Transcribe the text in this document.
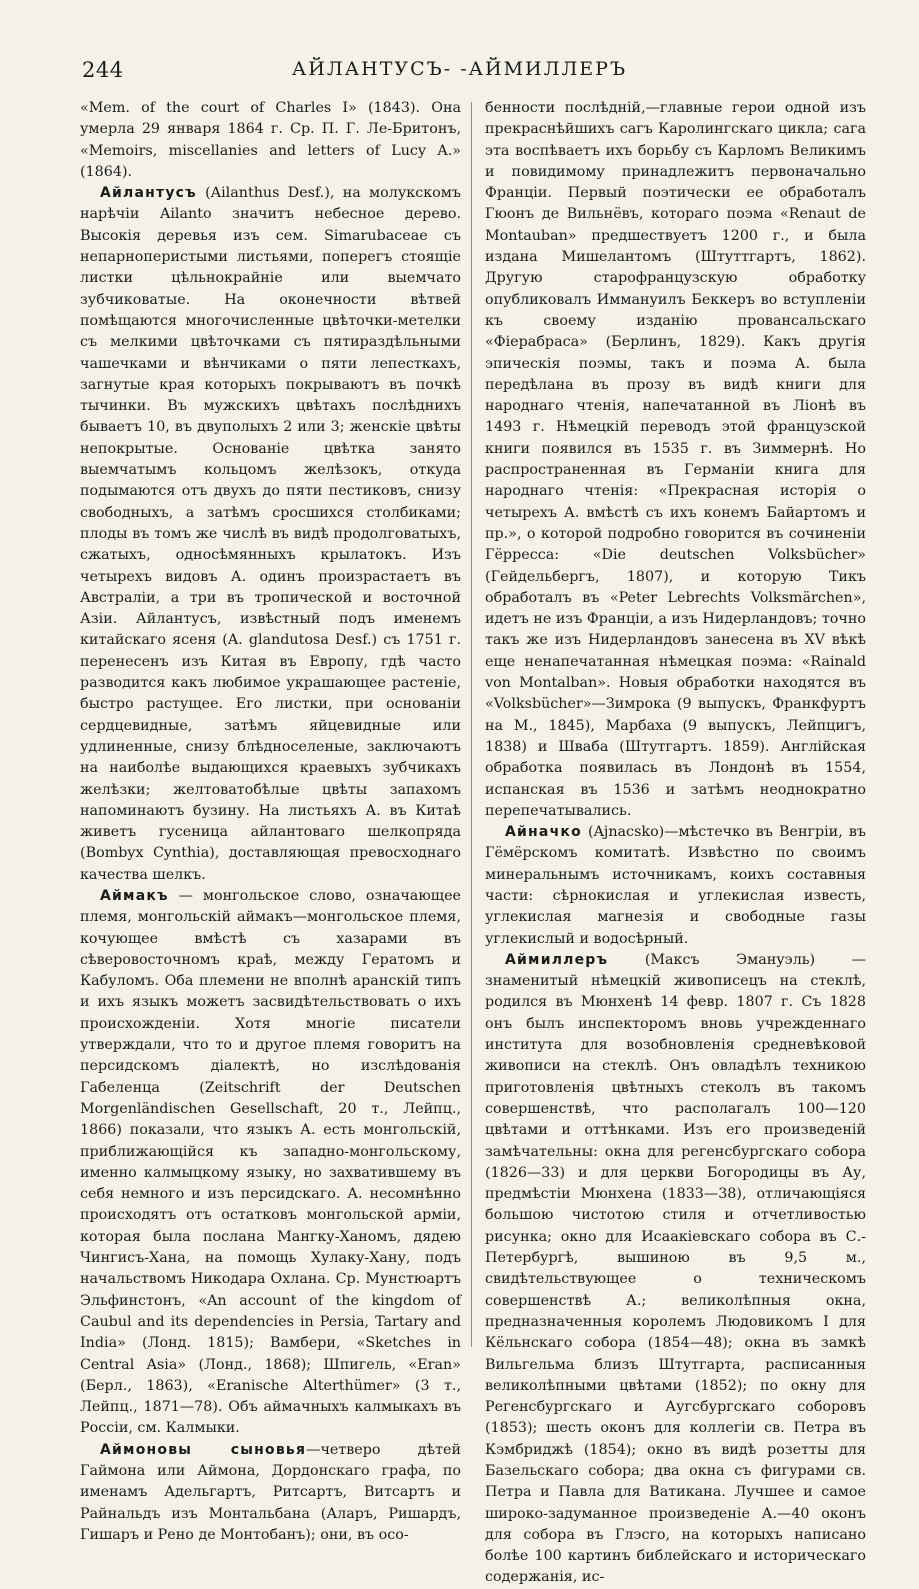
244	АЙЛАНТУСЪ- -АЙМИЛЛЕРЪ

«Mem. of the court of Charles I» (1843). Она умерла 29 января 1864 г. Ср. П. Г. Ле-Бритонъ, «Memoirs, miscellanies and letters of Lucy A.» (1864).

Айлантусъ (Ailanthus Desf.), на молукскомъ нарѣчіи Ailanto значитъ небесное дерево. Высокія деревья изъ сем. Simarubaceae съ непарноперистыми листьями, поперегъ стоящіе листки цѣльнокрайніе или выемчато зубчиковатые. На оконечности вѣтвей помѣщаются многочисленные цвѣточки-метелки съ мелкими цвѣточками съ пятираздѣльными чашечками и вѣнчиками о пяти лепесткахъ, загнутые края которыхъ покрываютъ въ почкѣ тычинки. Въ мужскихъ цвѣтахъ послѣднихъ бываетъ 10, въ двуполыхъ 2 или 3; женскіе цвѣты непокрытые. Основаніе цвѣтка занято выемчатымъ кольцомъ желѣзокъ, откуда подымаются отъ двухъ до пяти пестиковъ, снизу свободныхъ, а затѣмъ сросшихся столбиками; плоды въ томъ же числѣ въ видѣ продолговатыхъ, сжатыхъ, односѣмянныхъ крылатокъ. Изъ четырехъ видовъ А. одинъ произрастаетъ въ Австраліи, а три въ тропической и восточной Азіи. Айлантусъ, извѣстный подъ именемъ китайскаго ясеня (A. glandutosa Desf.) съ 1751 г. перенесенъ изъ Китая въ Европу, гдѣ часто разводится какъ любимое украшающее растеніе, быстро растущее. Его листки, при основаніи сердцевидные, затѣмъ яйцевидные или удлиненные, снизу блѣдноселеные, заключаютъ на наиболѣе выдающихся краевыхъ зубчикахъ желѣзки; желтоватобѣлые цвѣты запахомъ напоминаютъ бузину. На листьяхъ А. въ Китаѣ живетъ гусеница айлантоваго шелкопряда (Bombyx Cynthia), доставляющая превосходнаго качества шелкъ.

Аймакъ — монгольское слово, означающее племя, монгольскій аймакъ—монгольское племя, кочующее вмѣстѣ съ хазарами въ сѣверовосточномъ краѣ, между Гератомъ и Кабуломъ. Оба племени не вполнѣ аранскій типъ и ихъ языкъ можетъ засвидѣтельствовать о ихъ происхожденіи. Хотя многіе писатели утверждали, что то и другое племя говоритъ на персидскомъ діалектѣ, но изслѣдованія Габеленца (Zeitschrift der Deutschen Morgenländischen Gesellschaft, 20 т., Лейпц., 1866) показали, что языкъ А. есть монгольскій, приближающійся къ западно-монгольскому, именно калмыцкому языку, но захватившему въ себя немного и изъ персидскаго. А. несомнѣнно происходятъ отъ остатковъ монгольской арміи, которая была послана Мангку-Ханомъ, дядею Чингисъ-Хана, на помощь Хулаку-Хану, подъ начальствомъ Никодара Охлана. Ср. Мунстюартъ Эльфинстонъ, «An account of the kingdom of Caubul and its dependencies in Persia, Tartary and India» (Лонд. 1815); Вамбери, «Sketches in Central Asia» (Лонд., 1868); Шпигель, «Eran» (Берл., 1863), «Eranische Alterthümer» (3 т., Лейпц., 1871—78). Объ аймачныхъ калмыкахъ въ Россіи, см. Калмыки.

Аймоновы сыновья—четверо дѣтей Гаймона или Аймона, Дордонскаго графа, по именамъ Адельгартъ, Ритсартъ, Витсартъ и Райнальдъ изъ Монтальбана (Аларъ, Ришардъ, Гишаръ и Рено де Монтобанъ); они, въ осо-

бенности послѣдній,—главные герои одной изъ прекраснѣйшихъ сагъ Каролингскаго цикла; сага эта воспѣваетъ ихъ борьбу съ Карломъ Великимъ и повидимому принадлежитъ первоначально Франціи. Первый поэтически ее обработалъ Гюонъ де Вильнёвъ, котораго поэма «Renaut de Montauban» предшествуетъ 1200 г., и была издана Мишелантомъ (Штуттгартъ, 1862). Другую старофранцузскую обработку опубликовалъ Иммануилъ Беккеръ во вступленіи къ своему изданію провансальскаго «Фіерабраса» (Берлинъ, 1829). Какъ другія эпическія поэмы, такъ и поэма А. была передѣлана въ прозу въ видѣ книги для народнаго чтенія, напечатанной въ Ліонѣ въ 1493 г. Нѣмецкій переводъ этой французской книги появился въ 1535 г. въ Зиммернѣ. Но распространенная въ Германіи книга для народнаго чтенія: «Прекрасная исторія о четырехъ А. вмѣстѣ съ ихъ конемъ Байартомъ и пр.», о которой подробно говорится въ сочиненіи Гёрресса: «Die deutschen Volksbücher» (Гейдельбергъ, 1807), и которую Тикъ обработалъ въ «Peter Lebrechts Volksmärchen», идетъ не изъ Франціи, а изъ Нидерландовъ; точно такъ же изъ Нидерландовъ занесена въ XV вѣкѣ еще ненапечатанная нѣмецкая поэма: «Rainald von Montalban». Новыя обработки находятся въ «Volksbücher»—Зимрока (9 выпускъ, Франкфуртъ на М., 1845), Марбаха (9 выпускъ, Лейпцигъ, 1838) и Шваба (Штутгартъ. 1859). Англійская обработка появилась въ Лондонѣ въ 1554, испанская въ 1536 и затѣмъ неоднократно перепечатывались.

Айначко (Ajnacsko)—мѣстечко въ Венгріи, въ Гёмёрскомъ комитатѣ. Извѣстно по своимъ минеральнымъ источникамъ, коихъ составныя части: сѣрнокислая и углекислая известь, углекислая магнезія и свободные газы углекислый и водосѣрный.

Аймиллеръ (Максъ Эмануэль) — знаменитый нѣмецкій живописецъ на стеклѣ, родился въ Мюнхенѣ 14 февр. 1807 г. Съ 1828 онъ былъ инспекторомъ вновь учрежденнаго института для возобновленія средневѣковой живописи на стеклѣ. Онъ овладѣлъ техникою приготовленія цвѣтныхъ стеколъ въ такомъ совершенствѣ, что располагалъ 100—120 цвѣтами и оттѣнками. Изъ его произведеній замѣчательны: окна для регенсбургскаго собора (1826—33) и для церкви Богородицы въ Ау, предмѣстіи Мюнхена (1833—38), отличающіяся большою чистотою стиля и отчетливостью рисунка; окно для Исаакіевскаго собора въ С.-Петербургѣ, вышиною въ 9,5 м., свидѣтельствующее о техническомъ совершенствѣ А.; великолѣпныя окна, предназначенныя королемъ Людовикомъ I для Кёльнскаго собора (1854—48); окна въ замкѣ Вильгельма близъ Штутгарта, расписанныя великолѣпными цвѣтами (1852); по окну для Регенсбургскаго и Аугсбургскаго соборовъ (1853); шесть оконъ для коллегіи св. Петра въ Кэмбриджѣ (1854); окно въ видѣ розетты для Базельскаго собора; два окна съ фигурами св. Петра и Павла для Ватикана. Лучшее и самое широко-задуманное произведеніе А.—40 оконъ для собора въ Глэсго, на которыхъ написано болѣе 100 картинъ библейскаго и историческаго содержанія, ис-
